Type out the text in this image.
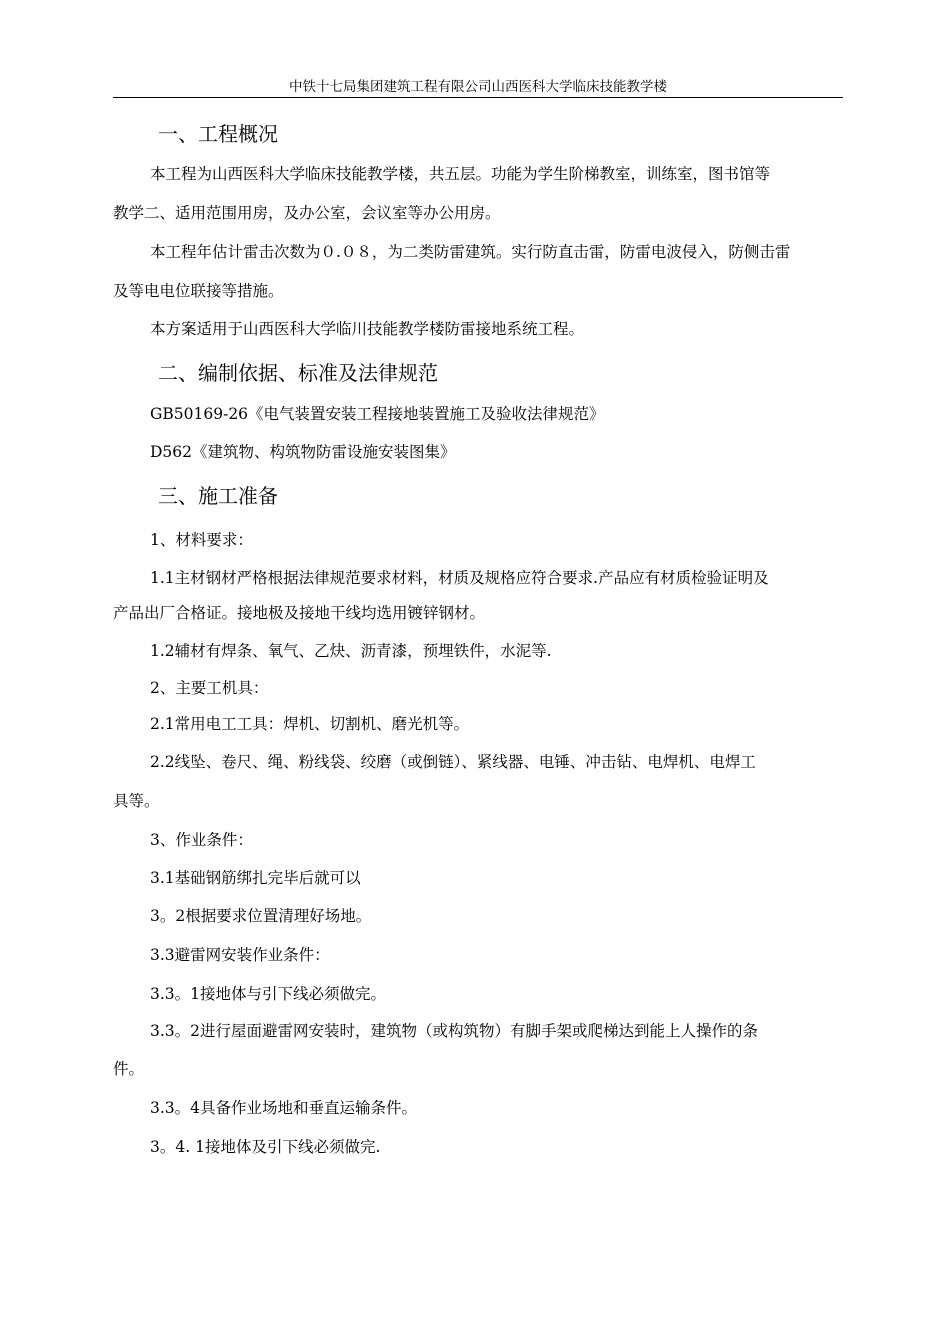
中铁十七局集团建筑工程有限公司山西医科大学临床技能教学楼
一、工程概况
本工程为山西医科大学临床技能教学楼，共五层。功能为学生阶梯教室，训练室，图书馆等
教学二、适用范围用房，及办公室，会议室等办公用房。
本工程年估计雷击次数为０.０８，为二类防雷建筑。实行防直击雷，防雷电波侵入，防侧击雷
及等电电位联接等措施。
本方案适用于山西医科大学临川技能教学楼防雷接地系统工程。
二、编制依据、标准及法律规范
GB50169-26《电气装置安装工程接地装置施工及验收法律规范》
D562《建筑物、构筑物防雷设施安装图集》
三、施工准备
1、材料要求：
1.1主材钢材严格根据法律规范要求材料，材质及规格应符合要求.产品应有材质检验证明及
产品出厂合格证。接地极及接地干线均选用镀锌钢材。
1.2辅材有焊条、氧气、乙炔、沥青漆，预埋铁件，水泥等.
2、主要工机具：
2.1常用电工工具：焊机、切割机、磨光机等。
2.2线坠、卷尺、绳、粉线袋、绞磨（或倒链）、紧线器、电锤、冲击钻、电焊机、电焊工
具等。
3、作业条件：
3.1基础钢筋绑扎完毕后就可以
3。2根据要求位置清理好场地。
3.3避雷网安装作业条件：
3.3。1接地体与引下线必须做完。
3.3。2进行屋面避雷网安装时，建筑物（或构筑物）有脚手架或爬梯达到能上人操作的条
件。
3.3。4具备作业场地和垂直运输条件。
3。4. 1接地体及引下线必须做完.
